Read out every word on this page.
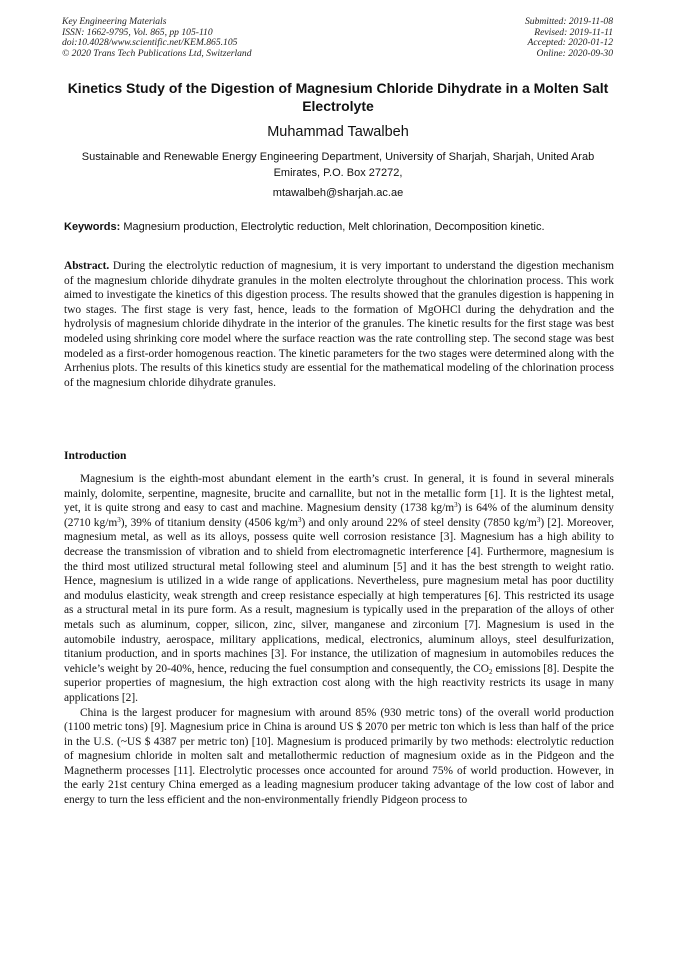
Key Engineering Materials
ISSN: 1662-9795, Vol. 865, pp 105-110
doi:10.4028/www.scientific.net/KEM.865.105
© 2020 Trans Tech Publications Ltd, Switzerland
Submitted: 2019-11-08
Revised: 2019-11-11
Accepted: 2020-01-12
Online: 2020-09-30
Kinetics Study of the Digestion of Magnesium Chloride Dihydrate in a Molten Salt Electrolyte
Muhammad Tawalbeh
Sustainable and Renewable Energy Engineering Department, University of Sharjah, Sharjah, United Arab Emirates, P.O. Box 27272,
mtawalbeh@sharjah.ac.ae
Keywords: Magnesium production, Electrolytic reduction, Melt chlorination, Decomposition kinetic.
Abstract. During the electrolytic reduction of magnesium, it is very important to understand the digestion mechanism of the magnesium chloride dihydrate granules in the molten electrolyte throughout the chlorination process. This work aimed to investigate the kinetics of this digestion process. The results showed that the granules digestion is happening in two stages. The first stage is very fast, hence, leads to the formation of MgOHCl during the dehydration and the hydrolysis of magnesium chloride dihydrate in the interior of the granules. The kinetic results for the first stage was best modeled using shrinking core model where the surface reaction was the rate controlling step. The second stage was best modeled as a first-order homogenous reaction. The kinetic parameters for the two stages were determined along with the Arrhenius plots. The results of this kinetics study are essential for the mathematical modeling of the chlorination process of the magnesium chloride dihydrate granules.
Introduction

Magnesium is the eighth-most abundant element in the earth’s crust. In general, it is found in several minerals mainly, dolomite, serpentine, magnesite, brucite and carnallite, but not in the metallic form [1]. It is the lightest metal, yet, it is quite strong and easy to cast and machine. Magnesium density (1738 $kg/m^3$) is 64% of the aluminum density (2710 $kg/m^3$), 39% of titanium density (4506 $kg/m^3$) and only around 22% of steel density (7850 $kg/m^3$) [2]. Moreover, magnesium metal, as well as its alloys, possess quite well corrosion resistance [3]. Magnesium has a high ability to decrease the transmission of vibration and to shield from electromagnetic interference [4]. Furthermore, magnesium is the third most utilized structural metal following steel and aluminum [5] and it has the best strength to weight ratio. Hence, magnesium is utilized in a wide range of applications. Nevertheless, pure magnesium metal has poor ductility and modulus elasticity, weak strength and creep resistance especially at high temperatures [6]. This restricted its usage as a structural metal in its pure form. As a result, magnesium is typically used in the preparation of the alloys of other metals such as aluminum, copper, silicon, zinc, silver, manganese and zirconium [7]. Magnesium is used in the automobile industry, aerospace, military applications, medical, electronics, aluminum alloys, steel desulfurization, titanium production, and in sports machines [3]. For instance, the utilization of magnesium in automobiles reduces the vehicle’s weight by 20-40%, hence, reducing the fuel consumption and consequently, the $CO_2$ emissions [8]. Despite the superior properties of magnesium, the high extraction cost along with the high reactivity restricts its usage in many applications [2].

China is the largest producer for magnesium with around 85% (930 metric tons) of the overall world production (1100 metric tons) [9]. Magnesium price in China is around US $ 2070 per metric ton which is less than half of the price in the U.S. (~US $ 4387 per metric ton) [10]. Magnesium is produced primarily by two methods: electrolytic reduction of magnesium chloride in molten salt and metallothermic reduction of magnesium oxide as in the Pidgeon and the Magnetherm processes [11]. Electrolytic processes once accounted for around 75% of world production. However, in the early 21st century China emerged as a leading magnesium producer taking advantage of the low cost of labor and energy to turn the less efficient and the non-environmentally friendly Pidgeon process to
